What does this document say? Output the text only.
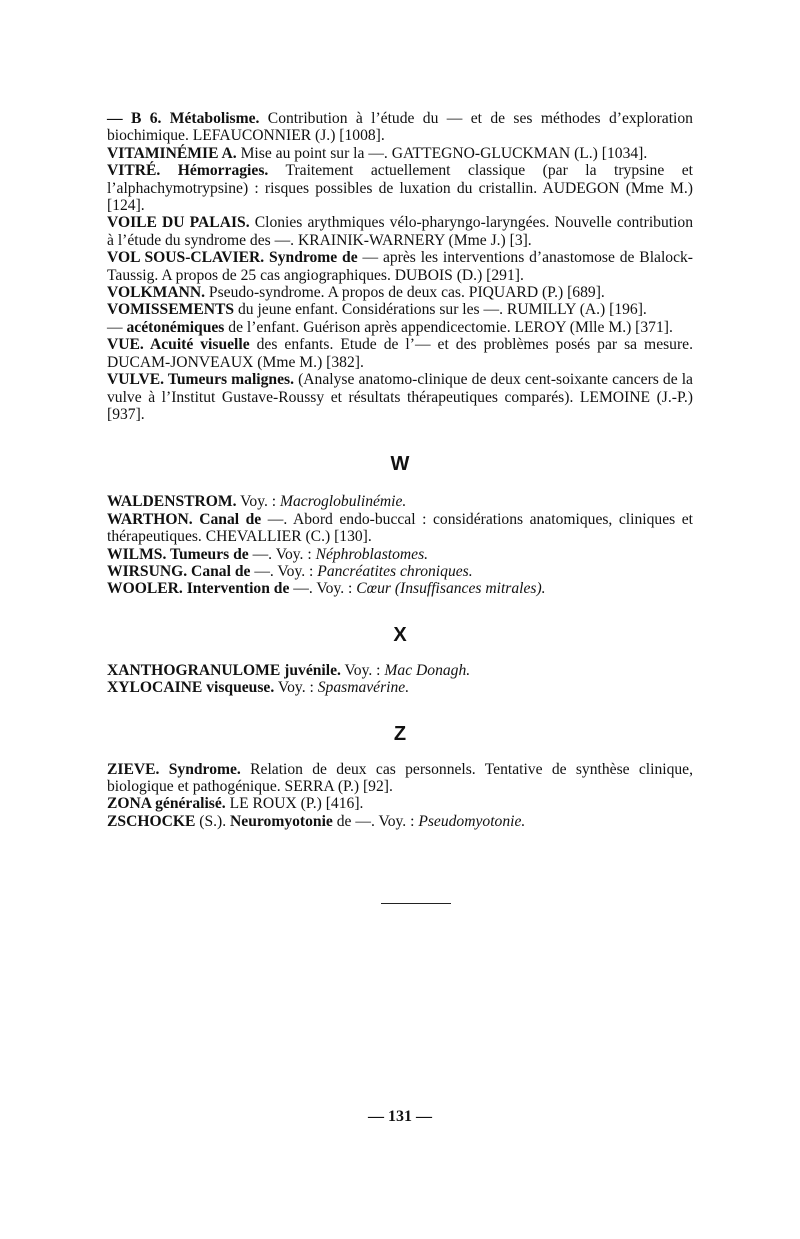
— B 6. Métabolisme. Contribution à l’étude du — et de ses méthodes d’exploration biochimique. LEFAUCONNIER (J.) [1008].

VITAMINÉMIE A. Mise au point sur la —. GATTEGNO-GLUCKMAN (L.) [1034].

VITRÉ. Hémorragies. Traitement actuellement classique (par la trypsine et l’alphachymotrypsine) : risques possibles de luxation du cristallin. AUDEGON (Mme M.) [124].

VOILE DU PALAIS. Clonies arythmiques vélo-pharyngo-laryngées. Nouvelle contribution à l’étude du syndrome des —. KRAINIK-WARNERY (Mme J.) [3].

VOL SOUS-CLAVIER. Syndrome de — après les interventions d’anastomose de Blalock-Taussig. A propos de 25 cas angiographiques. DUBOIS (D.) [291].

VOLKMANN. Pseudo-syndrome. A propos de deux cas. PIQUARD (P.) [689].

VOMISSEMENTS du jeune enfant. Considérations sur les —. RUMILLY (A.) [196].

— acétonémiques de l’enfant. Guérison après appendicectomie. LEROY (Mlle M.) [371].

VUE. Acuité visuelle des enfants. Etude de l’— et des problèmes posés par sa mesure. DUCAM-JONVEAUX (Mme M.) [382].

VULVE. Tumeurs malignes. (Analyse anatomo-clinique de deux cent-soixante cancers de la vulve à l’Institut Gustave-Roussy et résultats thérapeutiques comparés). LEMOINE (J.-P.) [937].

W

WALDENSTROM. Voy. : Macroglobulinémie.

WARTHON. Canal de —. Abord endo-buccal : considérations anatomiques, cliniques et thérapeutiques. CHEVALLIER (C.) [130].

WILMS. Tumeurs de —. Voy. : Néphroblastomes.

WIRSUNG. Canal de —. Voy. : Pancréatites chroniques.

WOOLER. Intervention de —. Voy. : Cœur (Insuffisances mitrales).

X

XANTHOGRANULOME juvénile. Voy. : Mac Donagh.

XYLOCAINE visqueuse. Voy. : Spasmavérine.

Z

ZIEVE. Syndrome. Relation de deux cas personnels. Tentative de synthèse clinique, biologique et pathogénique. SERRA (P.) [92].

ZONA généralisé. LE ROUX (P.) [416].

ZSCHOCKE (S.). Neuromyotonie de —. Voy. : Pseudomyotonie.

— 131 —
